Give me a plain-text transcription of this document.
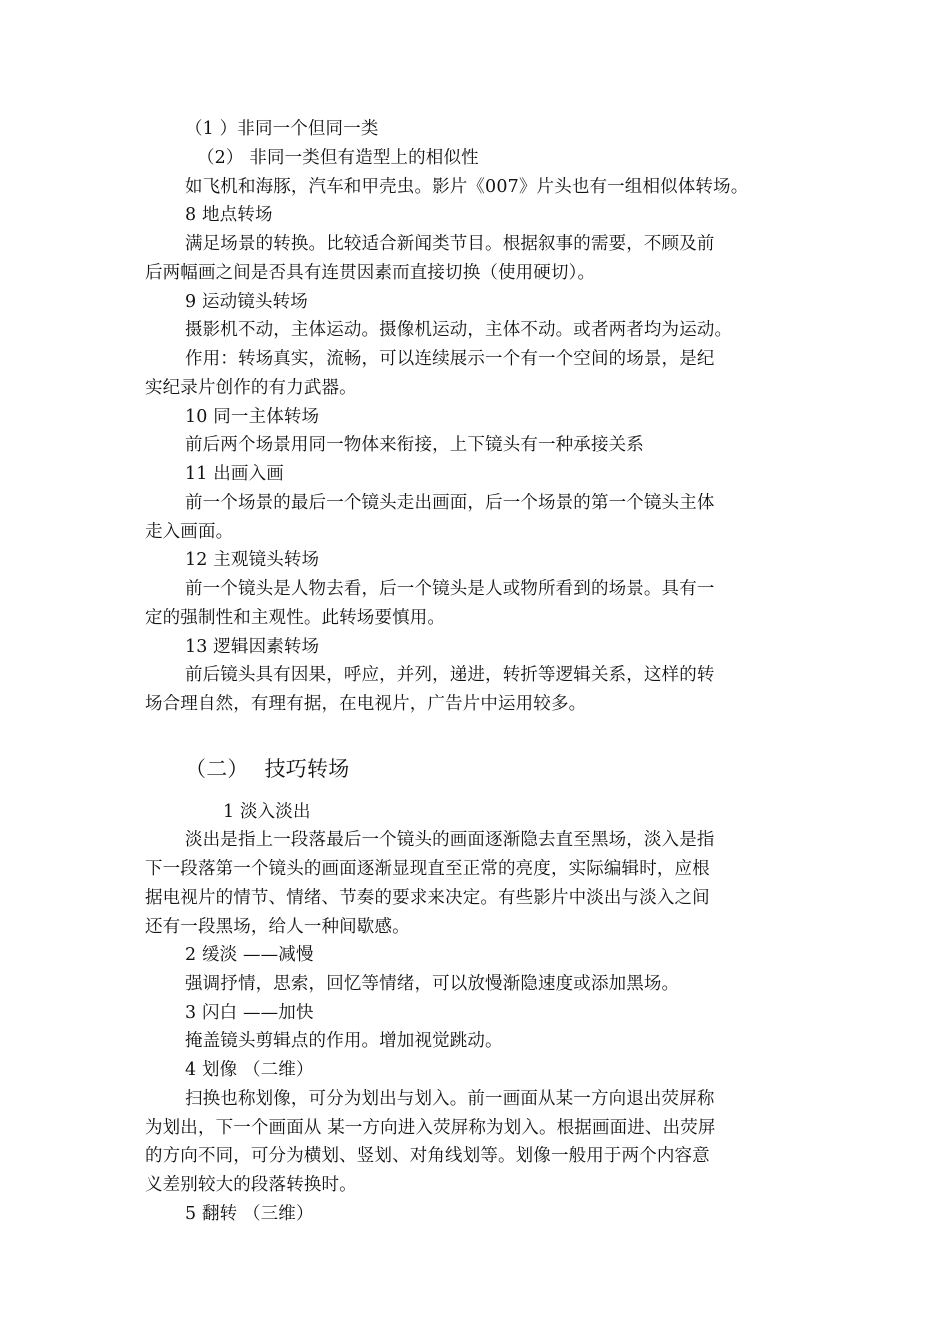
（1 ）非同一个但同一类
（2） 非同一类但有造型上的相似性
如飞机和海豚，汽车和甲壳虫。影片《007》片头也有一组相似体转场。
8 地点转场
满足场景的转换。比较适合新闻类节目。根据叙事的需要，不顾及前
后两幅画之间是否具有连贯因素而直接切换（使用硬切）。
9 运动镜头转场
摄影机不动，主体运动。摄像机运动，主体不动。或者两者均为运动。
作用：转场真实，流畅，可以连续展示一个有一个空间的场景，是纪
实纪录片创作的有力武器。
10 同一主体转场
前后两个场景用同一物体来衔接，上下镜头有一种承接关系
11 出画入画
前一个场景的最后一个镜头走出画面，后一个场景的第一个镜头主体
走入画面。
12 主观镜头转场
前一个镜头是人物去看，后一个镜头是人或物所看到的场景。具有一
定的强制性和主观性。此转场要慎用。
13 逻辑因素转场
前后镜头具有因果，呼应，并列，递进，转折等逻辑关系，这样的转
场合理自然，有理有据，在电视片，广告片中运用较多。
（二） 技巧转场
1 淡入淡出
淡出是指上一段落最后一个镜头的画面逐渐隐去直至黑场，淡入是指
下一段落第一个镜头的画面逐渐显现直至正常的亮度，实际编辑时，应根
据电视片的情节、情绪、节奏的要求来决定。有些影片中淡出与淡入之间
还有一段黑场，给人一种间歇感。
2 缓淡 ——减慢
强调抒情，思索，回忆等情绪，可以放慢渐隐速度或添加黑场。
3 闪白 ——加快
掩盖镜头剪辑点的作用。增加视觉跳动。
4 划像 （二维）
扫换也称划像，可分为划出与划入。前一画面从某一方向退出荧屏称
为划出，下一个画面从 某一方向进入荧屏称为划入。根据画面进、出荧屏
的方向不同，可分为横划、竖划、对角线划等。划像一般用于两个内容意
义差别较大的段落转换时。
5 翻转 （三维）
